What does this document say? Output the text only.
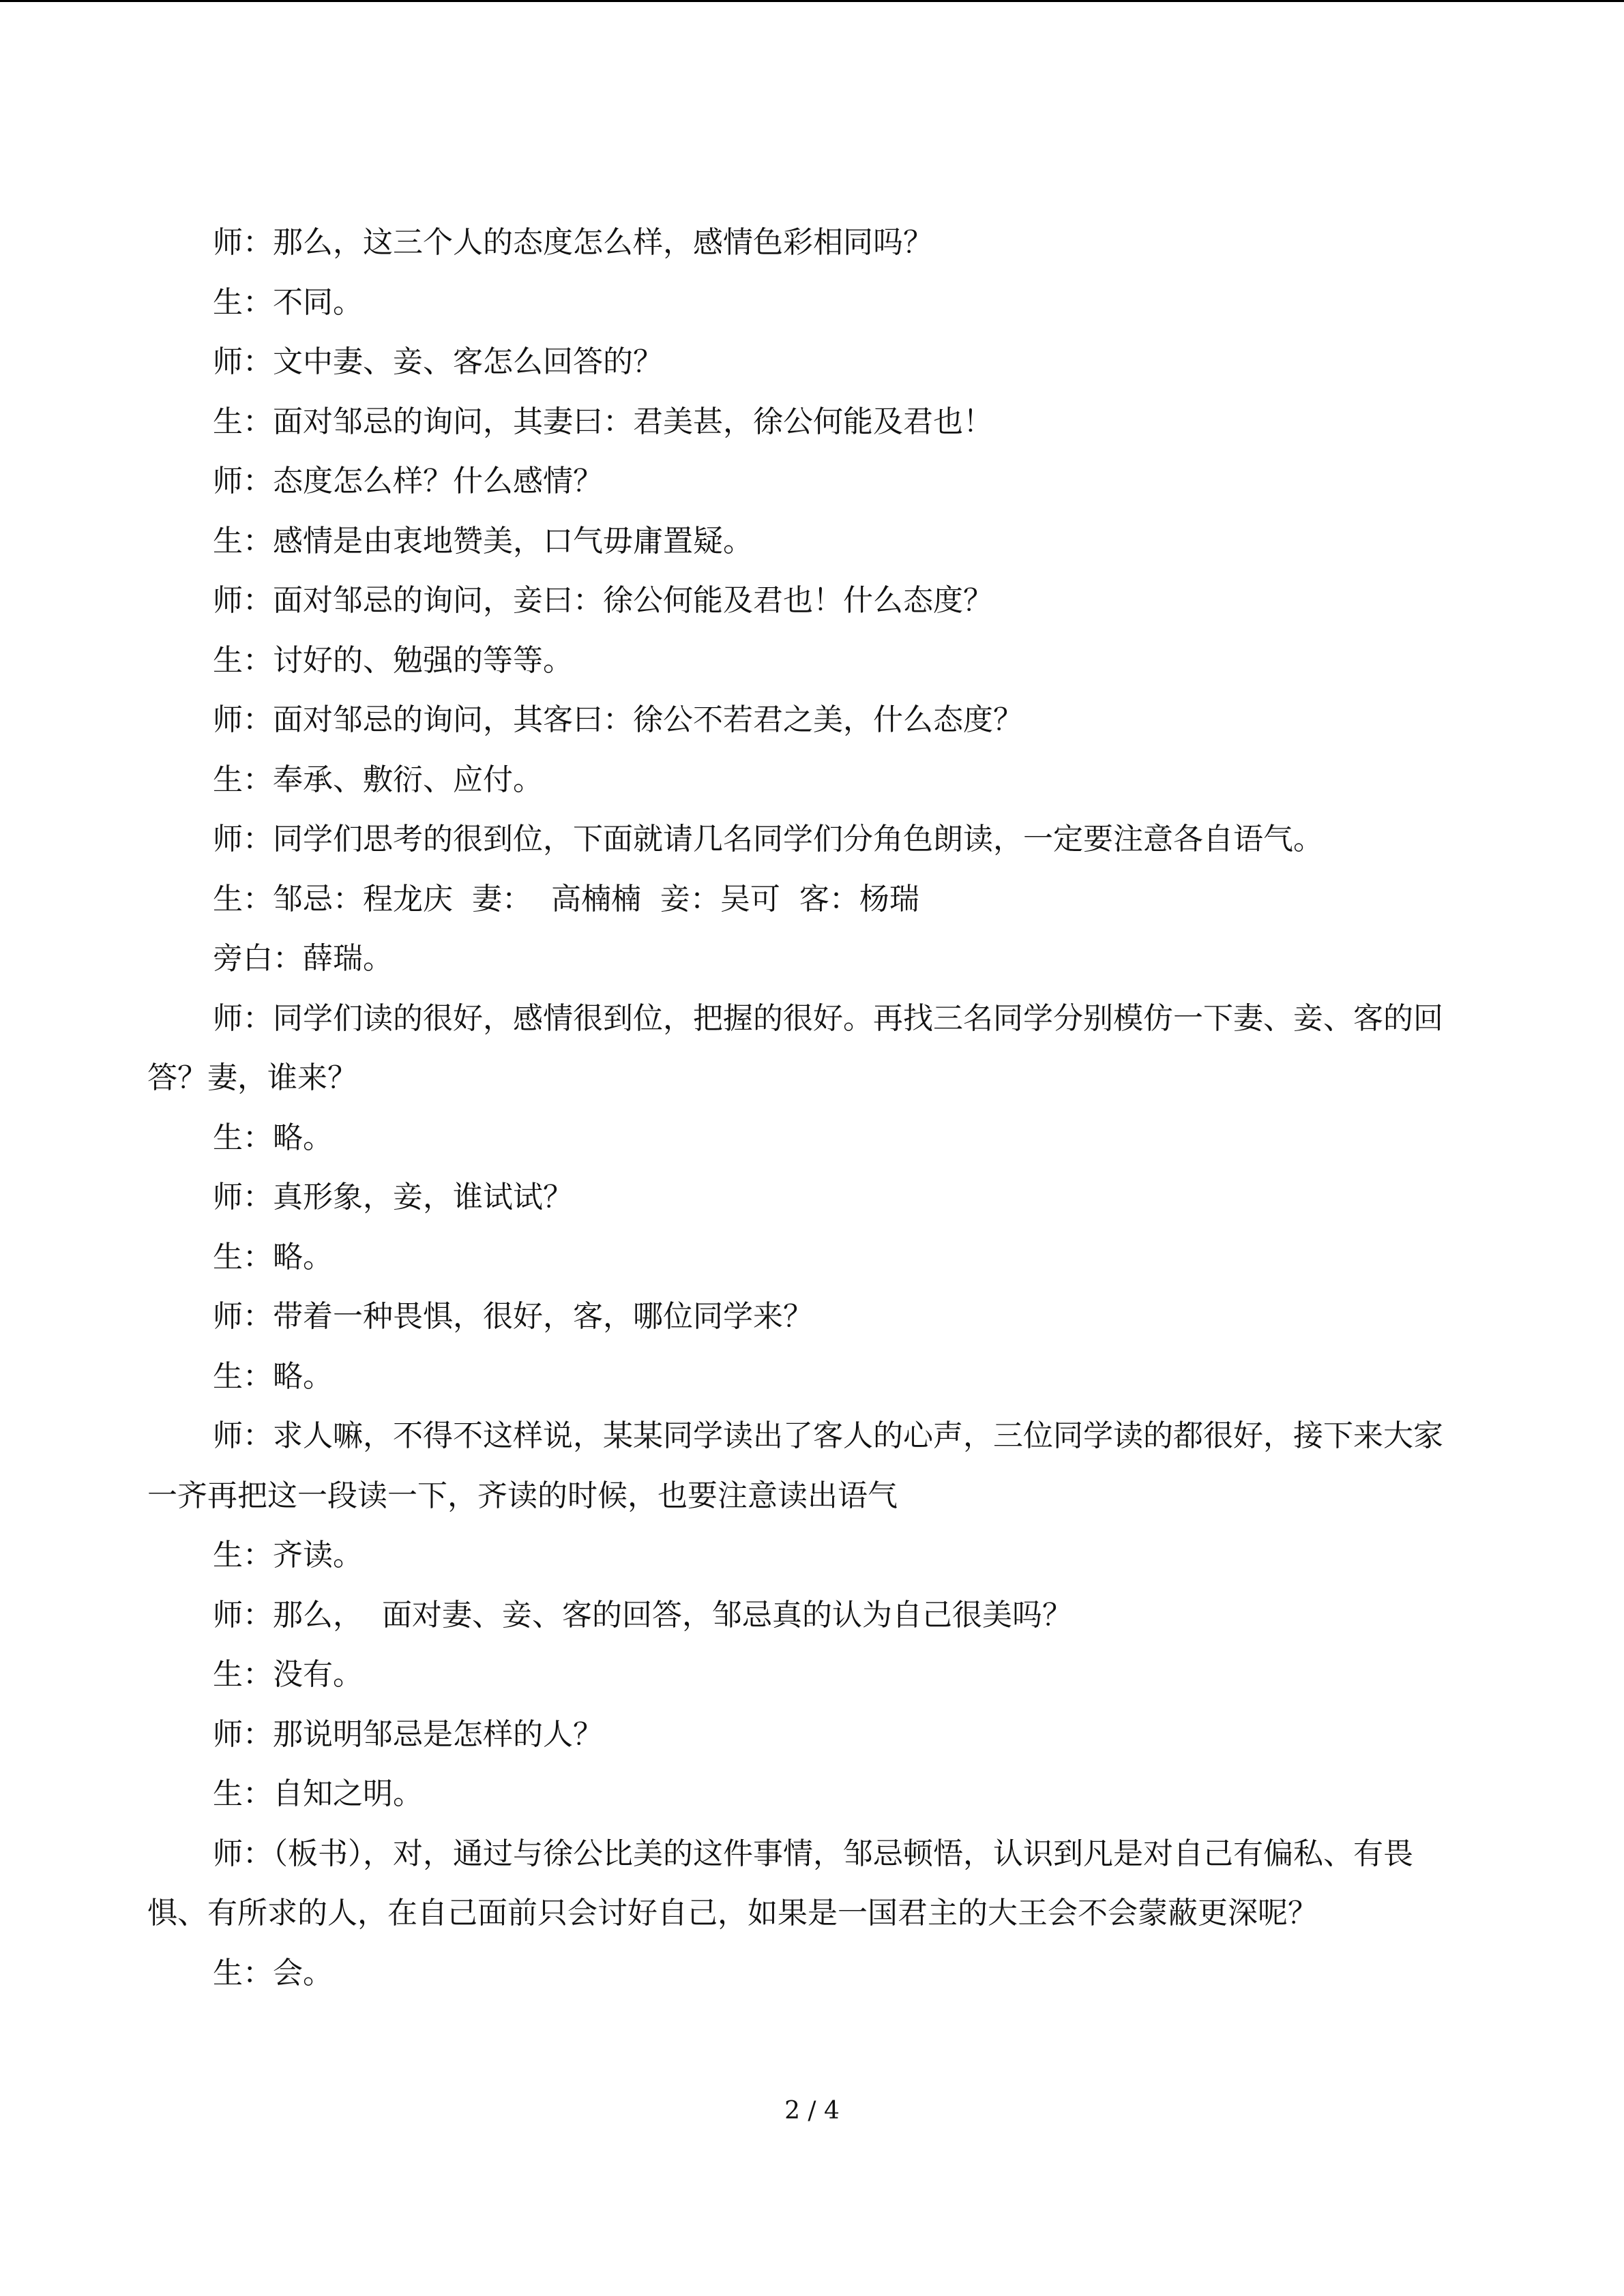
师：那么，这三个人的态度怎么样，感情色彩相同吗？

生：不同。

师：文中妻、妾、客怎么回答的？

生：面对邹忌的询问，其妻曰：君美甚，徐公何能及君也！

师：态度怎么样？什么感情？

生：感情是由衷地赞美，口气毋庸置疑。

师：面对邹忌的询问，妾曰：徐公何能及君也！什么态度？

生：讨好的、勉强的等等。

师：面对邹忌的询问，其客曰：徐公不若君之美，什么态度？

生：奉承、敷衍、应付。

师：同学们思考的很到位，下面就请几名同学们分角色朗读，一定要注意各自语气。

生：邹忌：程龙庆  妻：  高楠楠  妾：吴可  客：杨瑞

旁白：薛瑞。

师：同学们读的很好，感情很到位，把握的很好。再找三名同学分别模仿一下妻、妾、客的回答？妻，谁来？

生：略。

师：真形象，妾，谁试试？

生：略。

师：带着一种畏惧，很好，客，哪位同学来？

生：略。

师：求人嘛，不得不这样说，某某同学读出了客人的心声，三位同学读的都很好，接下来大家一齐再把这一段读一下，齐读的时候，也要注意读出语气

生：齐读。

师：那么，  面对妻、妾、客的回答，邹忌真的认为自己很美吗？

生：没有。

师：那说明邹忌是怎样的人？

生：自知之明。

师：（板书），对，通过与徐公比美的这件事情，邹忌顿悟，认识到凡是对自己有偏私、有畏惧、有所求的人，在自己面前只会讨好自己，如果是一国君主的大王会不会蒙蔽更深呢？

生：会。

2 / 4
